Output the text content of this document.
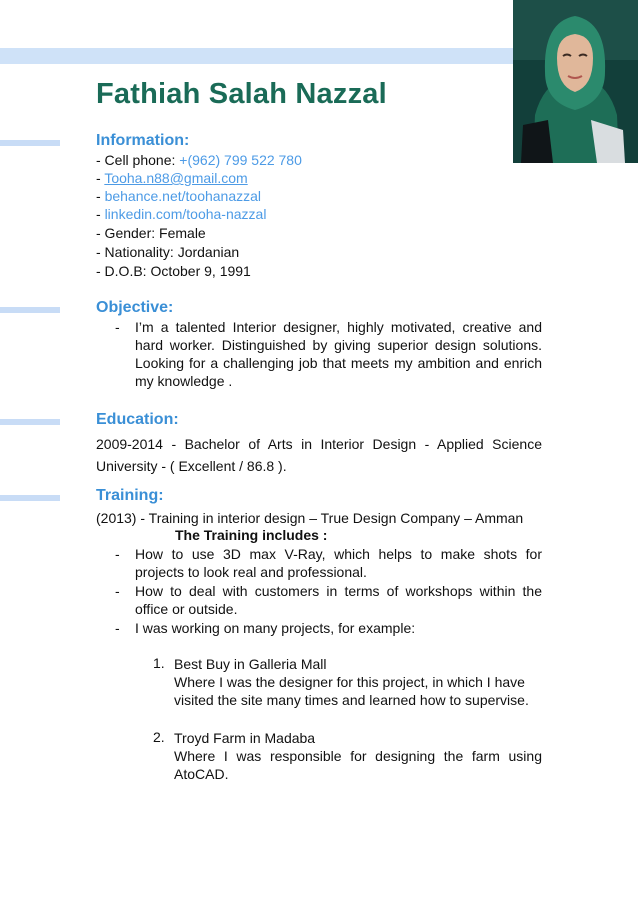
Fathiah Salah Nazzal
Information:
- Cell phone: +(962) 799 522 780
- Tooha.n88@gmail.com
- behance.net/toohanazzal
- linkedin.com/tooha-nazzal
- Gender: Female
- Nationality: Jordanian
- D.O.B: October 9, 1991
Objective:
- I’m a talented Interior designer, highly motivated, creative and hard worker. Distinguished by giving superior design solutions. Looking for a challenging job that meets my ambition and enrich my knowledge .
Education:
2009-2014 - Bachelor of Arts in Interior Design - Applied Science University - ( Excellent / 86.8 ).
Training:
(2013) - Training in interior design – True Design Company – Amman
The Training includes :
- How to use 3D max V-Ray, which helps to make shots for projects to look real and professional.
- How to deal with customers in terms of workshops within the office or outside.
- I was working on many projects, for example:
1. Best Buy in Galleria Mall
Where I was the designer for this project, in which I have visited the site many times and learned how to supervise.
2. Troyd Farm in Madaba
Where I was responsible for designing the farm using AtoCAD.
